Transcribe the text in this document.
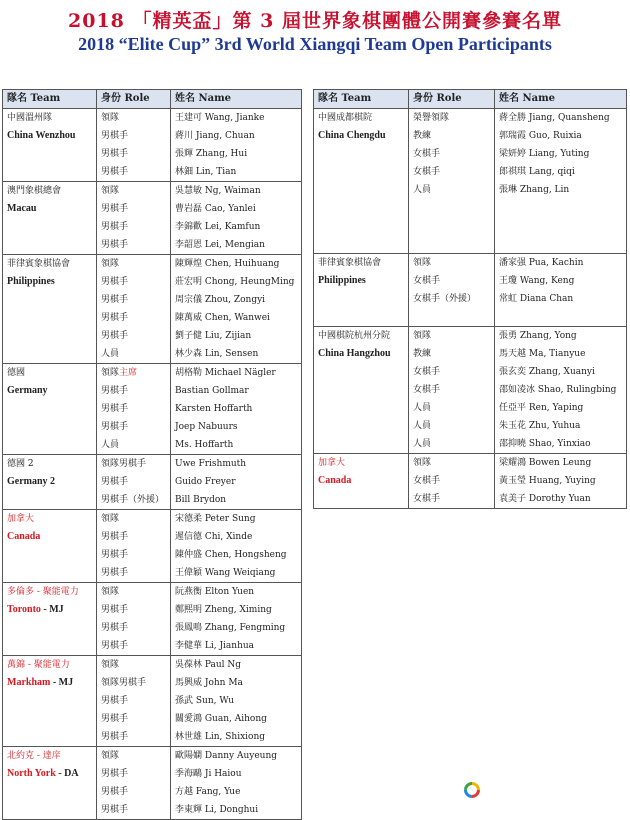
2018 「精英盃」第 3 屆世界象棋團體公開賽參賽名單
2018 “Elite Cup” 3rd World Xiangqi Team Open Participants
隊名 Team	身份 Role	姓名 Name
中國溫州隊	領隊	王建可 Wang, Jianke
China Wenzhou	男棋手	蔣川 Jiang, Chuan
	男棋手	張輝 Zhang, Hui
	男棋手	林鈿 Lin, Tian
澳門象棋總會	領隊	吳慧敏 Ng, Waiman
Macau	男棋手	曹岩磊 Cao, Yanlei
	男棋手	李錦歡 Lei, Kamfun
	男棋手	李韶恩 Lei, Mengian
菲律賓象棋協會	領隊	陳輝煌 Chen, Huihuang
Philippines	男棋手	莊宏明 Chong, HeungMing
	男棋手	周宗儀 Zhou, Zongyi
	男棋手	陳萬威 Chen, Wanwei
	男棋手	劉子健 Liu, Zijian
	人員	林少森 Lin, Sensen
德國	領隊主席	胡格勒 Michael Nägler
Germany	男棋手	Bastian Gollmar
	男棋手	Karsten Hoffarth
	男棋手	Joep Nabuurs
	人員	Ms. Hoffarth
德國 2	領隊男棋手	Uwe Frishmuth
Germany 2	男棋手	Guido Freyer
	男棋手（外援）	Bill Brydon
加拿大	領隊	宋德柔 Peter Sung
Canada	男棋手	遲信德 Chi, Xinde
	男棋手	陳仲盛 Chen, Hongsheng
	男棋手	王偉穎 Wang Weiqiang
多倫多 - 聚能電力	領隊	阮燕衡 Elton Yuen
Toronto - MJ	男棋手	鄭熙明 Zheng, Ximing
	男棋手	張鳳鳴 Zhang, Fengming
	男棋手	李健華 Li, Jianhua
萬錦 - 聚能電力	領隊	吳葆林 Paul Ng
Markham - MJ	領隊男棋手	馬興威 John Ma
	男棋手	孫武 Sun, Wu
	男棋手	關愛鴻 Guan, Aihong
	男棋手	林世雄 Lin, Shixiong
北約克 - 達庠	領隊	歐陽嫻 Danny Auyeung
North York - DA	男棋手	季海鷗 Ji Haiou
	男棋手	方越 Fang, Yue
	男棋手	李東輝 Li, Donghui
隊名 Team	身份 Role	姓名 Name
中國成都棋院	榮譽領隊	蔣全勝 Jiang, Quansheng
China Chengdu	教練	郭瑞霞 Guo, Ruixia
	女棋手	梁妍婷 Liang, Yuting
	女棋手	郎祺琪 Lang, qiqi
	人員	張琳 Zhang, Lin

菲律賓象棋協會	領隊	潘家强 Pua, Kachin
Philippines	女棋手	王瓊 Wang, Keng
	女棋手（外援）	常虹 Diana Chan

中國棋院杭州分院	領隊	張勇 Zhang, Yong
China Hangzhou	教練	馬天越 Ma, Tianyue
	女棋手	張玄奕 Zhang, Xuanyi
	女棋手	邵如凌冰 Shao, Rulingbing
	人員	任亞平 Ren, Yaping
	人員	朱玉花 Zhu, Yuhua
	人員	邵抑曉 Shao, Yinxiao
加拿大	領隊	梁耀鴻 Bowen Leung
Canada	女棋手	黃玉瑩 Huang, Yuying
	女棋手	袁美子 Dorothy Yuan
